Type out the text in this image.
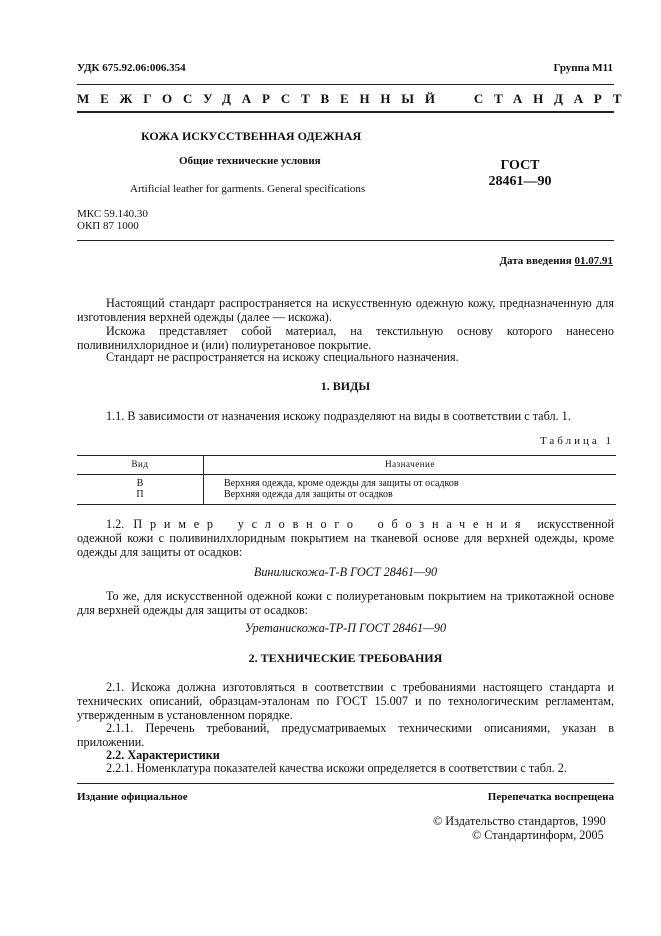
УДК 675.92.06:006.354	Группа М11
МЕЖГОСУДАРСТВЕННЫЙ  СТАНДАРТ
КОЖА ИСКУССТВЕННАЯ ОДЕЖНАЯ
Общие технические условия
Artificial leather for garments. General specifications
ГОСТ
28461—90
МКС 59.140.30
ОКП 87 1000
Дата введения 01.07.91
Настоящий стандарт распространяется на искусственную одежную кожу, предназначенную для изготовления верхней одежды (далее — искожа).
Искожа представляет собой материал, на текстильную основу которого нанесено поливинилхлоридное и (или) полиуретановое покрытие.
Стандарт не распространяется на искожу специального назначения.
1. ВИДЫ
1.1. В зависимости от назначения искожу подразделяют на виды в соответствии с табл. 1.
Таблица 1
Вид	Назначение
В	Верхняя одежда, кроме одежды для защиты от осадков
П	Верхняя одежда для защиты от осадков
1.2. Пример условного обозначения искусственной одежной кожи с поливинилхлоридным покрытием на тканевой основе для верхней одежды, кроме одежды для защиты от осадков:
Винилискожа-Т-В ГОСТ 28461—90
То же, для искусственной одежной кожи с полиуретановым покрытием на трикотажной основе для верхней одежды для защиты от осадков:
Уретанискожа-ТР-П ГОСТ 28461—90
2. ТЕХНИЧЕСКИЕ ТРЕБОВАНИЯ
2.1. Искожа должна изготовляться в соответствии с требованиями настоящего стандарта и технических описаний, образцам-эталонам по ГОСТ 15.007 и по технологическим регламентам, утвержденным в установленном порядке.
2.1.1. Перечень требований, предусматриваемых техническими описаниями, указан в приложении.
2.2. Характеристики
2.2.1. Номенклатура показателей качества искожи определяется в соответствии с табл. 2.
Издание официальное	Перепечатка воспрещена
© Издательство стандартов, 1990
© Стандартинформ, 2005
